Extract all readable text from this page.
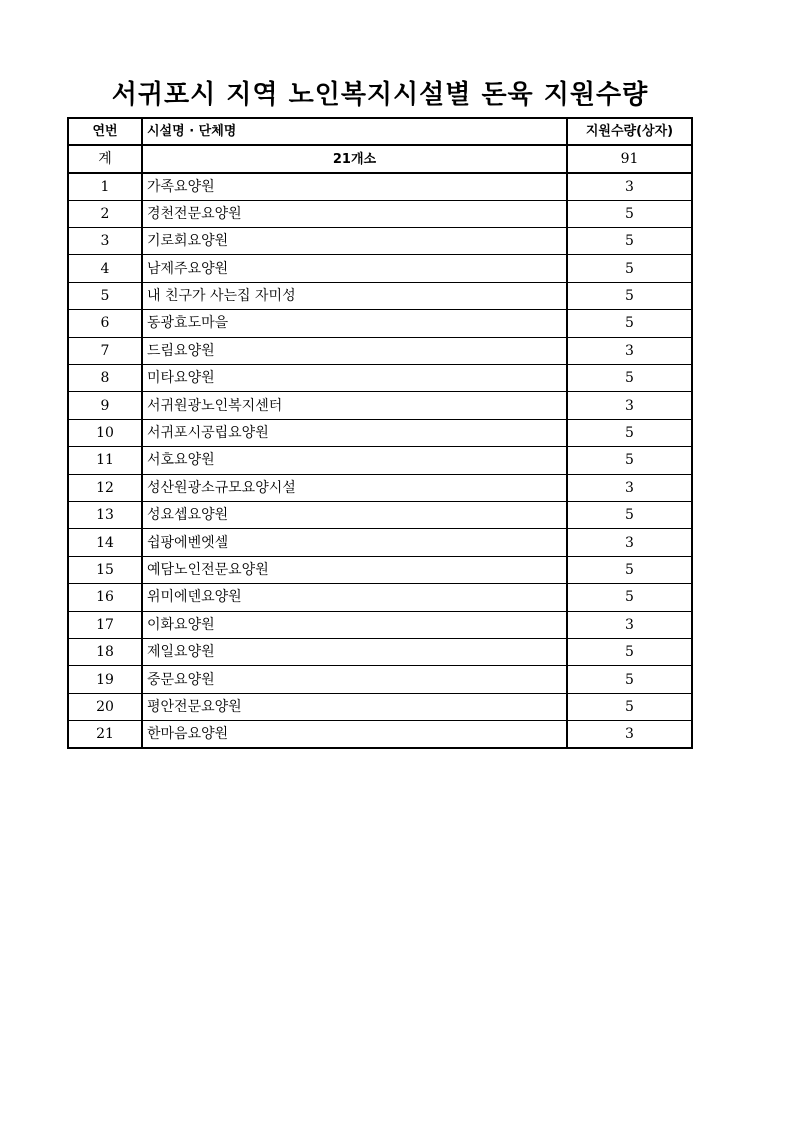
서귀포시 지역 노인복지시설별 돈육 지원수량
연번	시설명 · 단체명	지원수량(상자)
계	21개소	91
1	가족요양원	3
2	경천전문요양원	5
3	기로회요양원	5
4	남제주요양원	5
5	내 친구가 사는집 자미성	5
6	동광효도마을	5
7	드림요양원	3
8	미타요양원	5
9	서귀원광노인복지센터	3
10	서귀포시공립요양원	5
11	서호요양원	5
12	성산원광소규모요양시설	3
13	성요셉요양원	5
14	쉽팡에벤엣셀	3
15	예담노인전문요양원	5
16	위미에덴요양원	5
17	이화요양원	3
18	제일요양원	5
19	중문요양원	5
20	평안전문요양원	5
21	한마음요양원	3
